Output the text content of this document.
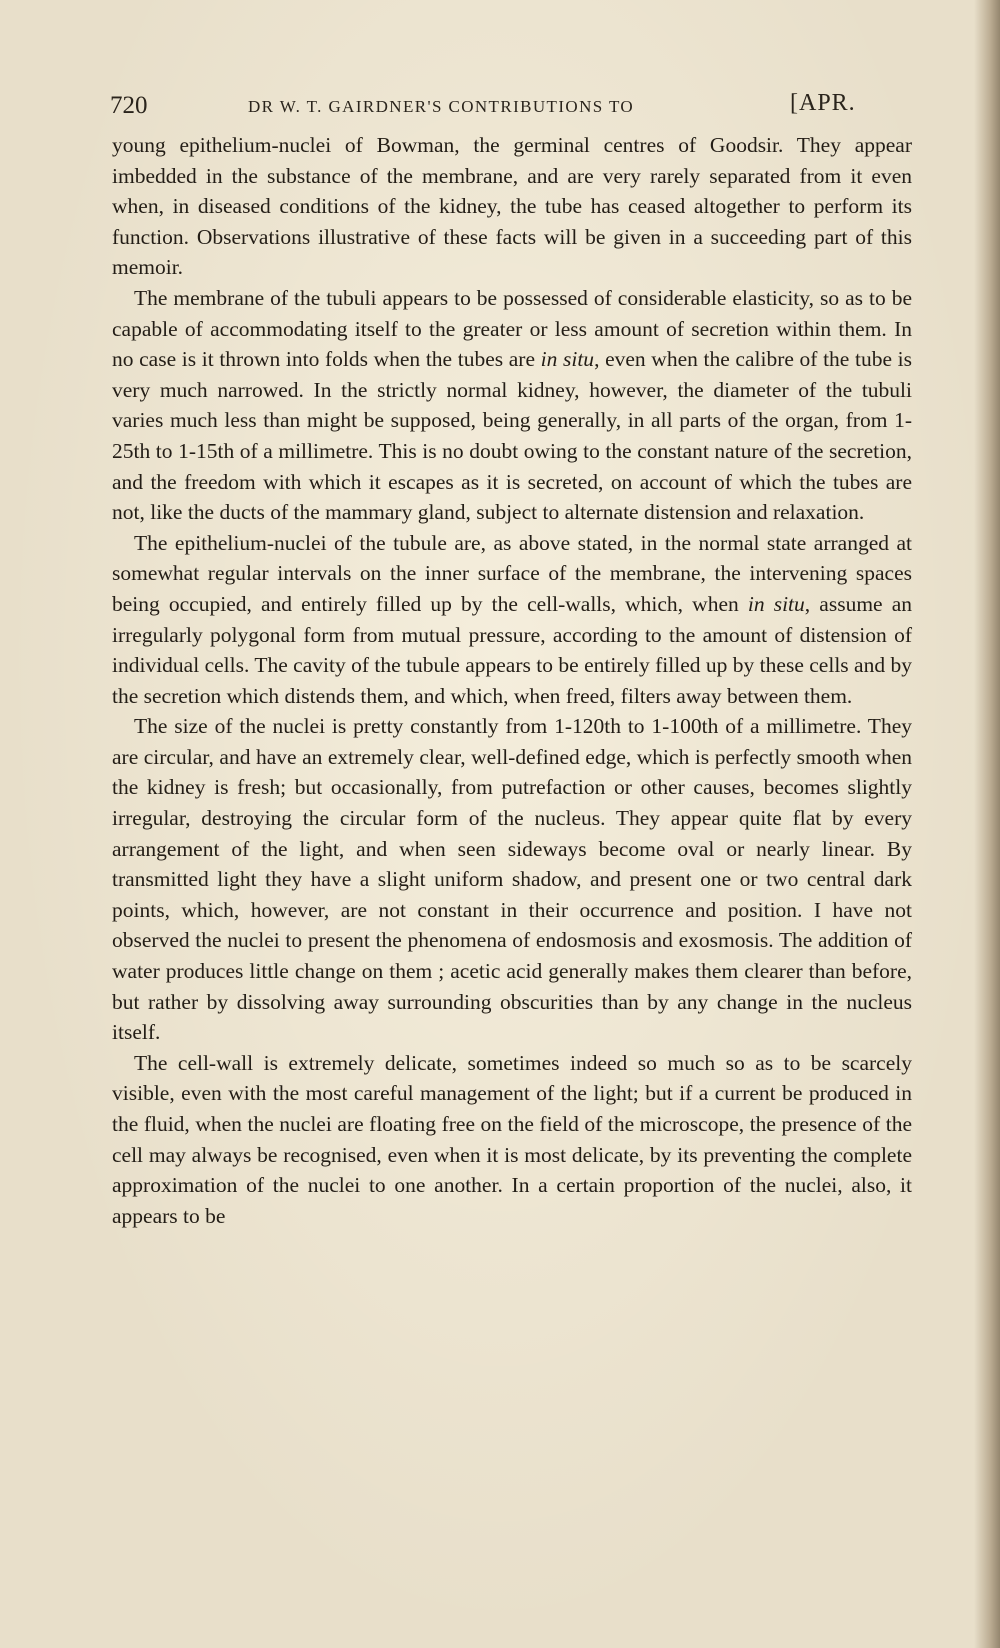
720	DR W. T. GAIRDNER'S CONTRIBUTIONS TO	[APR.

young epithelium-nuclei of Bowman, the germinal centres of Goodsir. They appear imbedded in the substance of the membrane, and are very rarely separated from it even when, in diseased conditions of the kidney, the tube has ceased altogether to perform its function. Observations illustrative of these facts will be given in a succeeding part of this memoir.

The membrane of the tubuli appears to be possessed of considerable elasticity, so as to be capable of accommodating itself to the greater or less amount of secretion within them. In no case is it thrown into folds when the tubes are in situ, even when the calibre of the tube is very much narrowed. In the strictly normal kidney, however, the diameter of the tubuli varies much less than might be supposed, being generally, in all parts of the organ, from 1-25th to 1-15th of a millimetre. This is no doubt owing to the constant nature of the secretion, and the freedom with which it escapes as it is secreted, on account of which the tubes are not, like the ducts of the mammary gland, subject to alternate distension and relaxation.

The epithelium-nuclei of the tubule are, as above stated, in the normal state arranged at somewhat regular intervals on the inner surface of the membrane, the intervening spaces being occupied, and entirely filled up by the cell-walls, which, when in situ, assume an irregularly polygonal form from mutual pressure, according to the amount of distension of individual cells. The cavity of the tubule appears to be entirely filled up by these cells and by the secretion which distends them, and which, when freed, filters away between them.

The size of the nuclei is pretty constantly from 1-120th to 1-100th of a millimetre. They are circular, and have an extremely clear, well-defined edge, which is perfectly smooth when the kidney is fresh; but occasionally, from putrefaction or other causes, becomes slightly irregular, destroying the circular form of the nucleus. They appear quite flat by every arrangement of the light, and when seen sideways become oval or nearly linear. By transmitted light they have a slight uniform shadow, and present one or two central dark points, which, however, are not constant in their occurrence and position. I have not observed the nuclei to present the phenomena of endosmosis and exosmosis. The addition of water produces little change on them ; acetic acid generally makes them clearer than before, but rather by dissolving away surrounding obscurities than by any change in the nucleus itself.

The cell-wall is extremely delicate, sometimes indeed so much so as to be scarcely visible, even with the most careful management of the light; but if a current be produced in the fluid, when the nuclei are floating free on the field of the microscope, the presence of the cell may always be recognised, even when it is most delicate, by its preventing the complete approximation of the nuclei to one another. In a certain proportion of the nuclei, also, it appears to be
